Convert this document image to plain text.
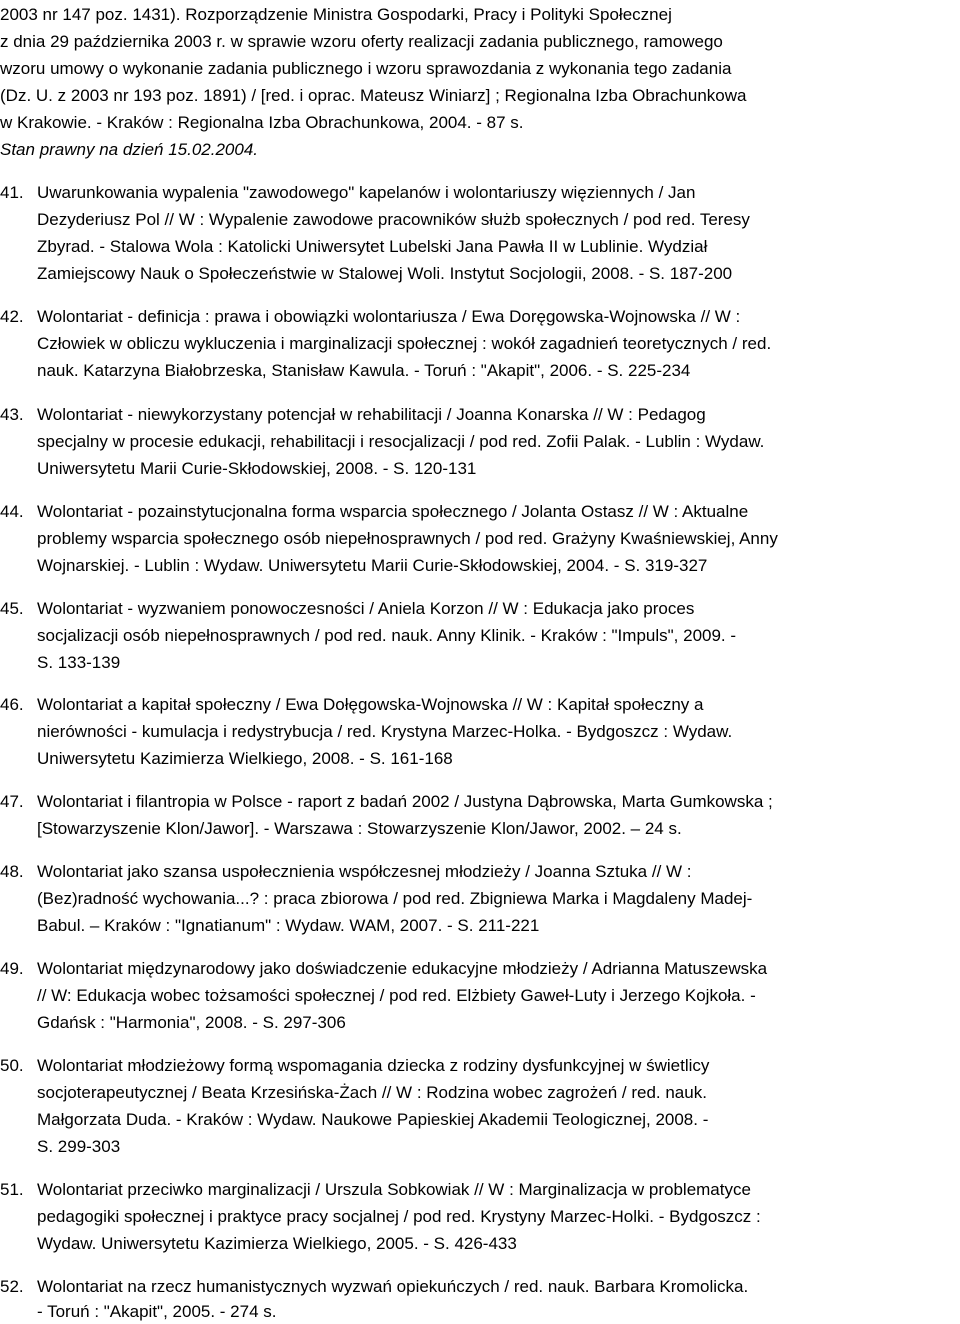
2003 nr 147 poz. 1431). Rozporządzenie Ministra Gospodarki, Pracy i Polityki Społecznej
z dnia 29 października 2003 r. w sprawie wzoru oferty realizacji zadania publicznego, ramowego
wzoru umowy o wykonanie zadania publicznego i wzoru sprawozdania z wykonania tego zadania
(Dz. U. z 2003 nr 193 poz. 1891) / [red. i oprac. Mateusz Winiarz] ; Regionalna Izba Obrachunkowa
w Krakowie. - Kraków : Regionalna Izba Obrachunkowa, 2004. - 87 s.
Stan prawny na dzień 15.02.2004.
41. Uwarunkowania wypalenia "zawodowego" kapelanów i wolontariuszy więziennych / Jan
Dezyderiusz Pol // W : Wypalenie zawodowe pracowników służb społecznych / pod red. Teresy
Zbyrad. - Stalowa Wola : Katolicki Uniwersytet Lubelski Jana Pawła II w Lublinie. Wydział
Zamiejscowy Nauk o Społeczeństwie w Stalowej Woli. Instytut Socjologii, 2008. - S. 187-200
42. Wolontariat - definicja : prawa i obowiązki wolontariusza / Ewa Doręgowska-Wojnowska // W :
Człowiek w obliczu wykluczenia i marginalizacji społecznej : wokół zagadnień teoretycznych / red.
nauk. Katarzyna Białobrzeska, Stanisław Kawula. - Toruń : "Akapit", 2006. - S. 225-234
43. Wolontariat - niewykorzystany potencjał w rehabilitacji / Joanna Konarska // W : Pedagog
specjalny w procesie edukacji, rehabilitacji i resocjalizacji / pod red. Zofii Palak. - Lublin : Wydaw.
Uniwersytetu Marii Curie-Skłodowskiej, 2008. - S. 120-131
44. Wolontariat - pozainstytucjonalna forma wsparcia społecznego / Jolanta Ostasz // W : Aktualne
problemy wsparcia społecznego osób niepełnosprawnych / pod red. Grażyny Kwaśniewskiej, Anny
Wojnarskiej. - Lublin : Wydaw. Uniwersytetu Marii Curie-Skłodowskiej, 2004. - S. 319-327
45. Wolontariat - wyzwaniem ponowoczesności / Aniela Korzon // W : Edukacja jako proces
socjalizacji osób niepełnosprawnych / pod red. nauk. Anny Klinik. - Kraków : "Impuls", 2009. -
S. 133-139
46. Wolontariat a kapitał społeczny / Ewa Dołęgowska-Wojnowska // W : Kapitał społeczny a
nierówności - kumulacja i redystrybucja / red. Krystyna Marzec-Holka. - Bydgoszcz : Wydaw.
Uniwersytetu Kazimierza Wielkiego, 2008. - S. 161-168
47. Wolontariat i filantropia w Polsce - raport z badań 2002 / Justyna Dąbrowska, Marta Gumkowska ;
[Stowarzyszenie Klon/Jawor]. - Warszawa : Stowarzyszenie Klon/Jawor, 2002. – 24 s.
48. Wolontariat jako szansa uspołecznienia współczesnej młodzieży / Joanna Sztuka // W :
(Bez)radność wychowania...? : praca zbiorowa / pod red. Zbigniewa Marka i Magdaleny Madej-
Babul. – Kraków : "Ignatianum" : Wydaw. WAM, 2007. - S. 211-221
49. Wolontariat międzynarodowy jako doświadczenie edukacyjne młodzieży / Adrianna Matuszewska
// W: Edukacja wobec tożsamości społecznej / pod red. Elżbiety Gaweł-Luty i Jerzego Kojkoła. -
Gdańsk : "Harmonia", 2008. - S. 297-306
50. Wolontariat młodzieżowy formą wspomagania dziecka z rodziny dysfunkcyjnej w świetlicy
socjoterapeutycznej / Beata Krzesińska-Żach // W : Rodzina wobec zagrożeń / red. nauk.
Małgorzata Duda. - Kraków : Wydaw. Naukowe Papieskiej Akademii Teologicznej, 2008. -
S. 299-303
51. Wolontariat przeciwko marginalizacji / Urszula Sobkowiak // W : Marginalizacja w problematyce
pedagogiki społecznej i praktyce pracy socjalnej / pod red. Krystyny Marzec-Holki. - Bydgoszcz :
Wydaw. Uniwersytetu Kazimierza Wielkiego, 2005. - S. 426-433
52. Wolontariat na rzecz humanistycznych wyzwań opiekuńczych / red. nauk. Barbara Kromolicka.
- Toruń : "Akapit", 2005. - 274 s.
